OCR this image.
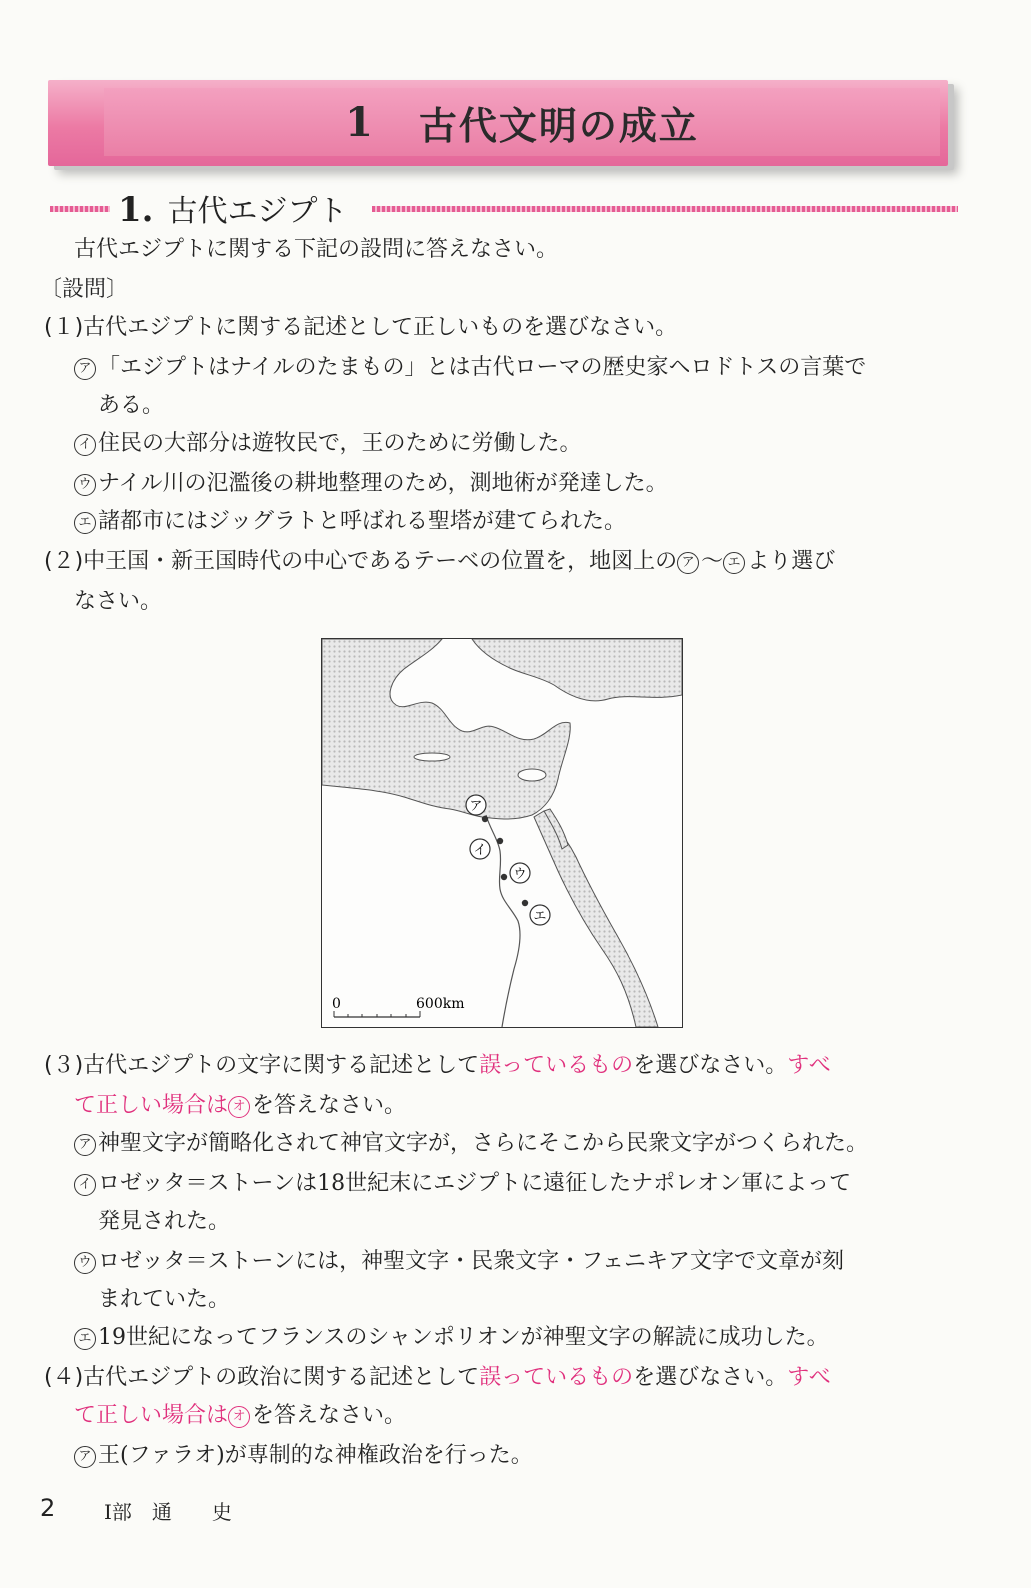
1 古代文明の成立
1. 古代エジプト
古代エジプトに関する下記の設問に答えなさい。
〔設問〕
(１)古代エジプトに関する記述として正しいものを選びなさい。
ア 「エジプトはナイルのたまもの」とは古代ローマの歴史家ヘロドトスの言葉で
ある。
イ 住民の大部分は遊牧民で，王のために労働した。
ウ ナイル川の氾濫後の耕地整理のため，測地術が発達した。
エ 諸都市にはジッグラトと呼ばれる聖塔が建てられた。
(２)中王国・新王国時代の中心であるテーベの位置を，地図上の ア 〜 エ より選び
なさい。
ア
イ
ウ
エ
0	600km
(３)古代エジプトの文字に関する記述として誤っているものを選びなさい。すべ
て正しい場合は オ を答えなさい。
ア 神聖文字が簡略化されて神官文字が，さらにそこから民衆文字がつくられた。
イ ロゼッタ＝ストーンは18世紀末にエジプトに遠征したナポレオン軍によって
発見された。
ウ ロゼッタ＝ストーンには，神聖文字・民衆文字・フェニキア文字で文章が刻
まれていた。
エ 19世紀になってフランスのシャンポリオンが神聖文字の解読に成功した。
(４)古代エジプトの政治に関する記述として誤っているものを選びなさい。すべ
て正しい場合は オ を答えなさい。
ア 王(ファラオ)が専制的な神権政治を行った。
2 Ⅰ部　通　　史
